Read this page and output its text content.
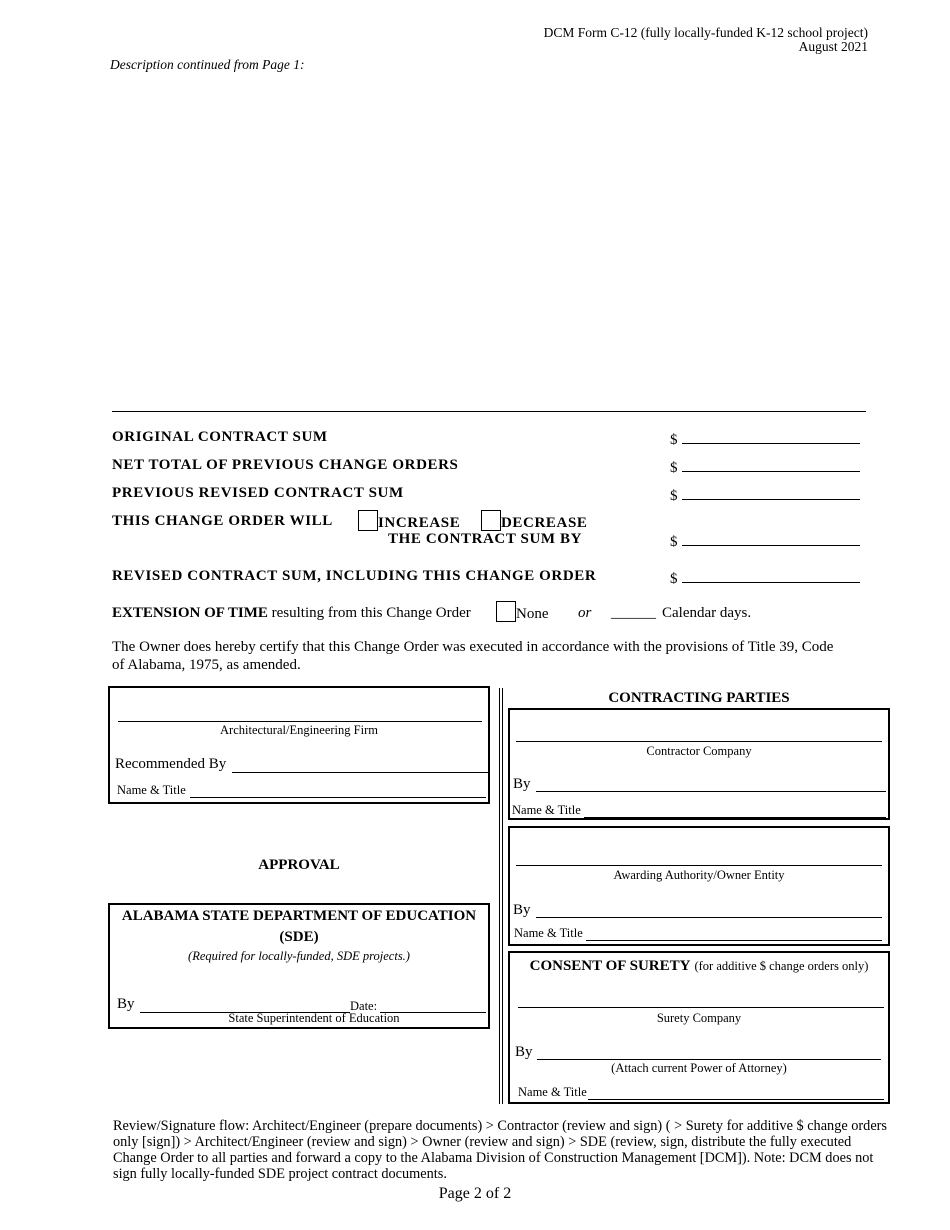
DCM Form C-12 (fully locally-funded K-12 school project)
August 2021
Description continued from Page 1:
ORIGINAL CONTRACT SUM	$
NET TOTAL OF PREVIOUS CHANGE ORDERS	$
PREVIOUS REVISED CONTRACT SUM	$
THIS CHANGE ORDER WILL	INCREASE	DECREASE
THE CONTRACT SUM BY	$
REVISED CONTRACT SUM, INCLUDING THIS CHANGE ORDER	$
EXTENSION OF TIME resulting from this Change Order	None or ______ Calendar days.
The Owner does hereby certify that this Change Order was executed in accordance with the provisions of Title 39, Code of Alabama, 1975, as amended.
Architectural/Engineering Firm
Recommended By
Name & Title
APPROVAL
ALABAMA STATE DEPARTMENT OF EDUCATION
(SDE)
(Required for locally-funded, SDE projects.)
By	Date:
State Superintendent of Education
CONTRACTING PARTIES
Contractor Company
By
Name & Title
Awarding Authority/Owner Entity
By
Name & Title
CONSENT OF SURETY (for additive $ change orders only)
Surety Company
By
(Attach current Power of Attorney)
Name & Title
Review/Signature flow: Architect/Engineer (prepare documents) > Contractor (review and sign) ( > Surety for additive $ change orders only [sign]) > Architect/Engineer (review and sign) > Owner (review and sign) > SDE (review, sign, distribute the fully executed Change Order to all parties and forward a copy to the Alabama Division of Construction Management [DCM]). Note: DCM does not sign fully locally-funded SDE project contract documents.
Page 2 of 2
